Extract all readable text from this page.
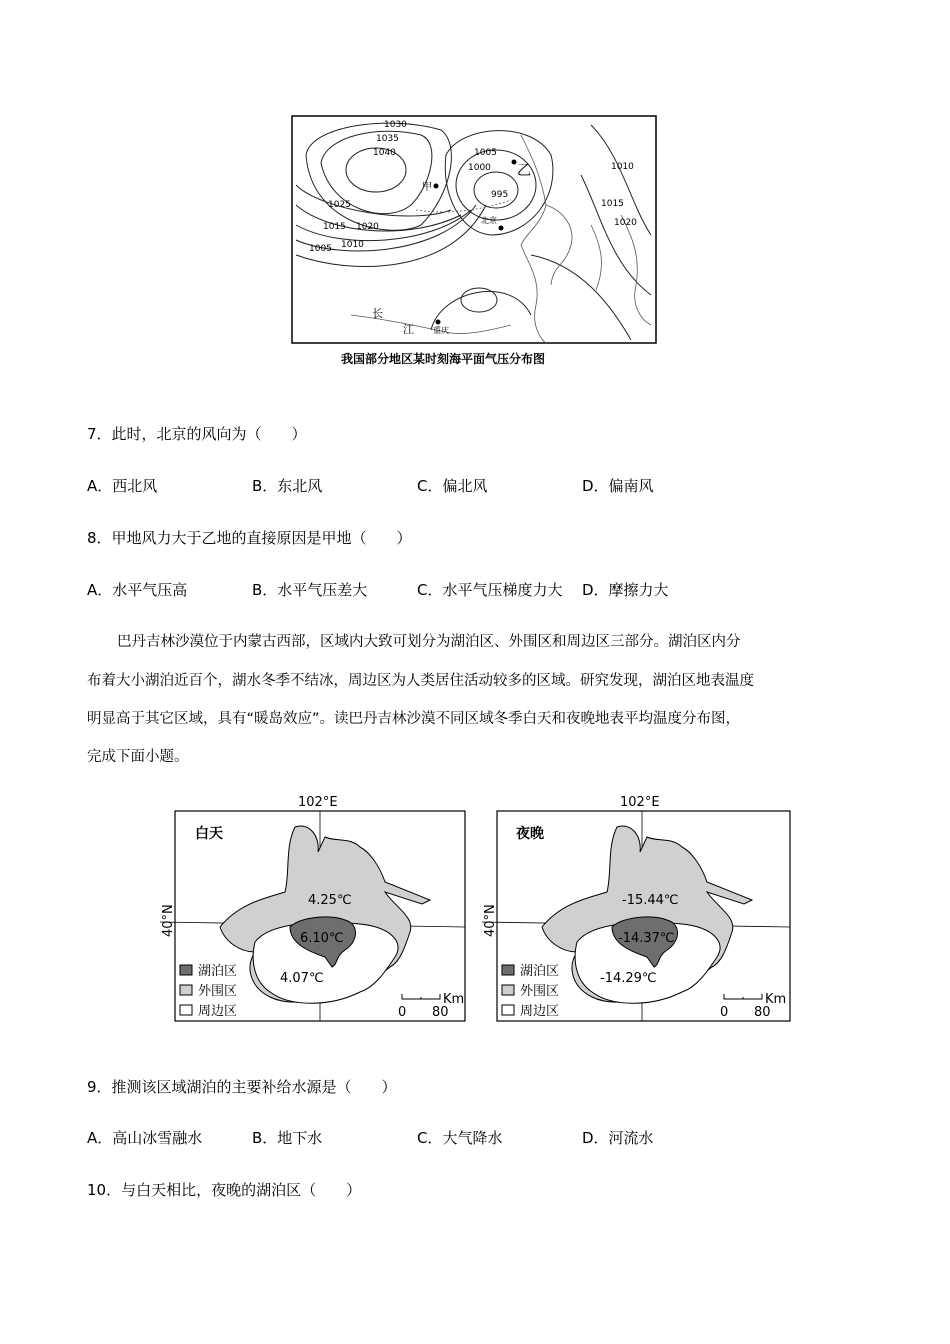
1030
1035
1040
1025
1015 1020
1005 1010
1005
1000
995
1010
1015
1020
甲
乙
北京
重庆
长
江
我国部分地区某时刻海平面气压分布图
7．此时，北京的风向为（　　）
A．西北风	B．东北风	C．偏北风	D．偏南风
8．甲地风力大于乙地的直接原因是甲地（　　）
A．水平气压高	B．水平气压差大	C．水平气压梯度力大 D．摩擦力大
巴丹吉林沙漠位于内蒙古西部，区域内大致可划分为湖泊区、外围区和周边区三部分。湖泊区内分
布着大小湖泊近百个，湖水冬季不结冰，周边区为人类居住活动较多的区域。研究发现，湖泊区地表温度
明显高于其它区域，具有“暖岛效应”。读巴丹吉林沙漠不同区域冬季白天和夜晚地表平均温度分布图，
完成下面小题。
102°E
40°N
白天
4.25℃
6.10℃
4.07℃
湖泊区
外围区
周边区
Km
0 80
102°E
40°N
夜晚
-15.44℃
-14.37℃
-14.29℃
湖泊区
外围区
周边区
Km
0 80
9．推测该区域湖泊的主要补给水源是（　　）
A．高山冰雪融水	B．地下水	C．大气降水	D．河流水
10．与白天相比，夜晚的湖泊区（　　）
